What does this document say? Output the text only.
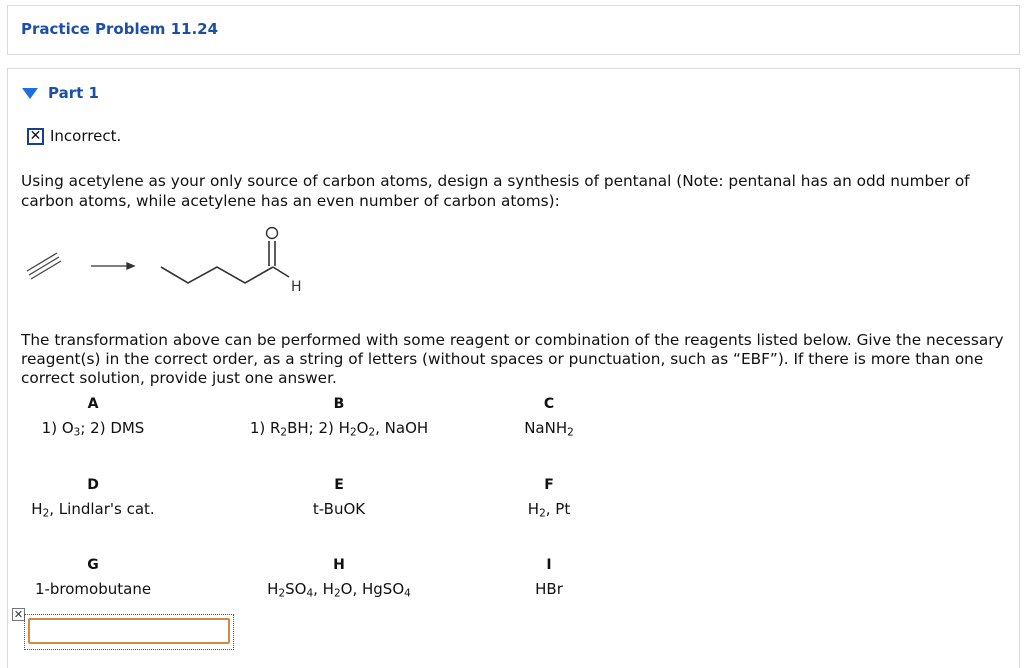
Practice Problem 11.24
Part 1
✕ Incorrect.
Using acetylene as your only source of carbon atoms, design a synthesis of pentanal (Note: pentanal has an odd number of carbon atoms, while acetylene has an even number of carbon atoms):
H
The transformation above can be performed with some reagent or combination of the reagents listed below. Give the necessary reagent(s) in the correct order, as a string of letters (without spaces or punctuation, such as “EBF”). If there is more than one correct solution, provide just one answer.
A
1) $O_3$; 2) DMS
B
1) $R_2BH$; 2) $H_2O_2$, NaOH
C
NaNH$_2$
D
$H_2$, Lindlar's cat.
E
t-BuOK
F
$H_2$, Pt
G
1-bromobutane
H
$H_2SO_4$, $H_2O$, HgSO$_4$
I
HBr
✕
